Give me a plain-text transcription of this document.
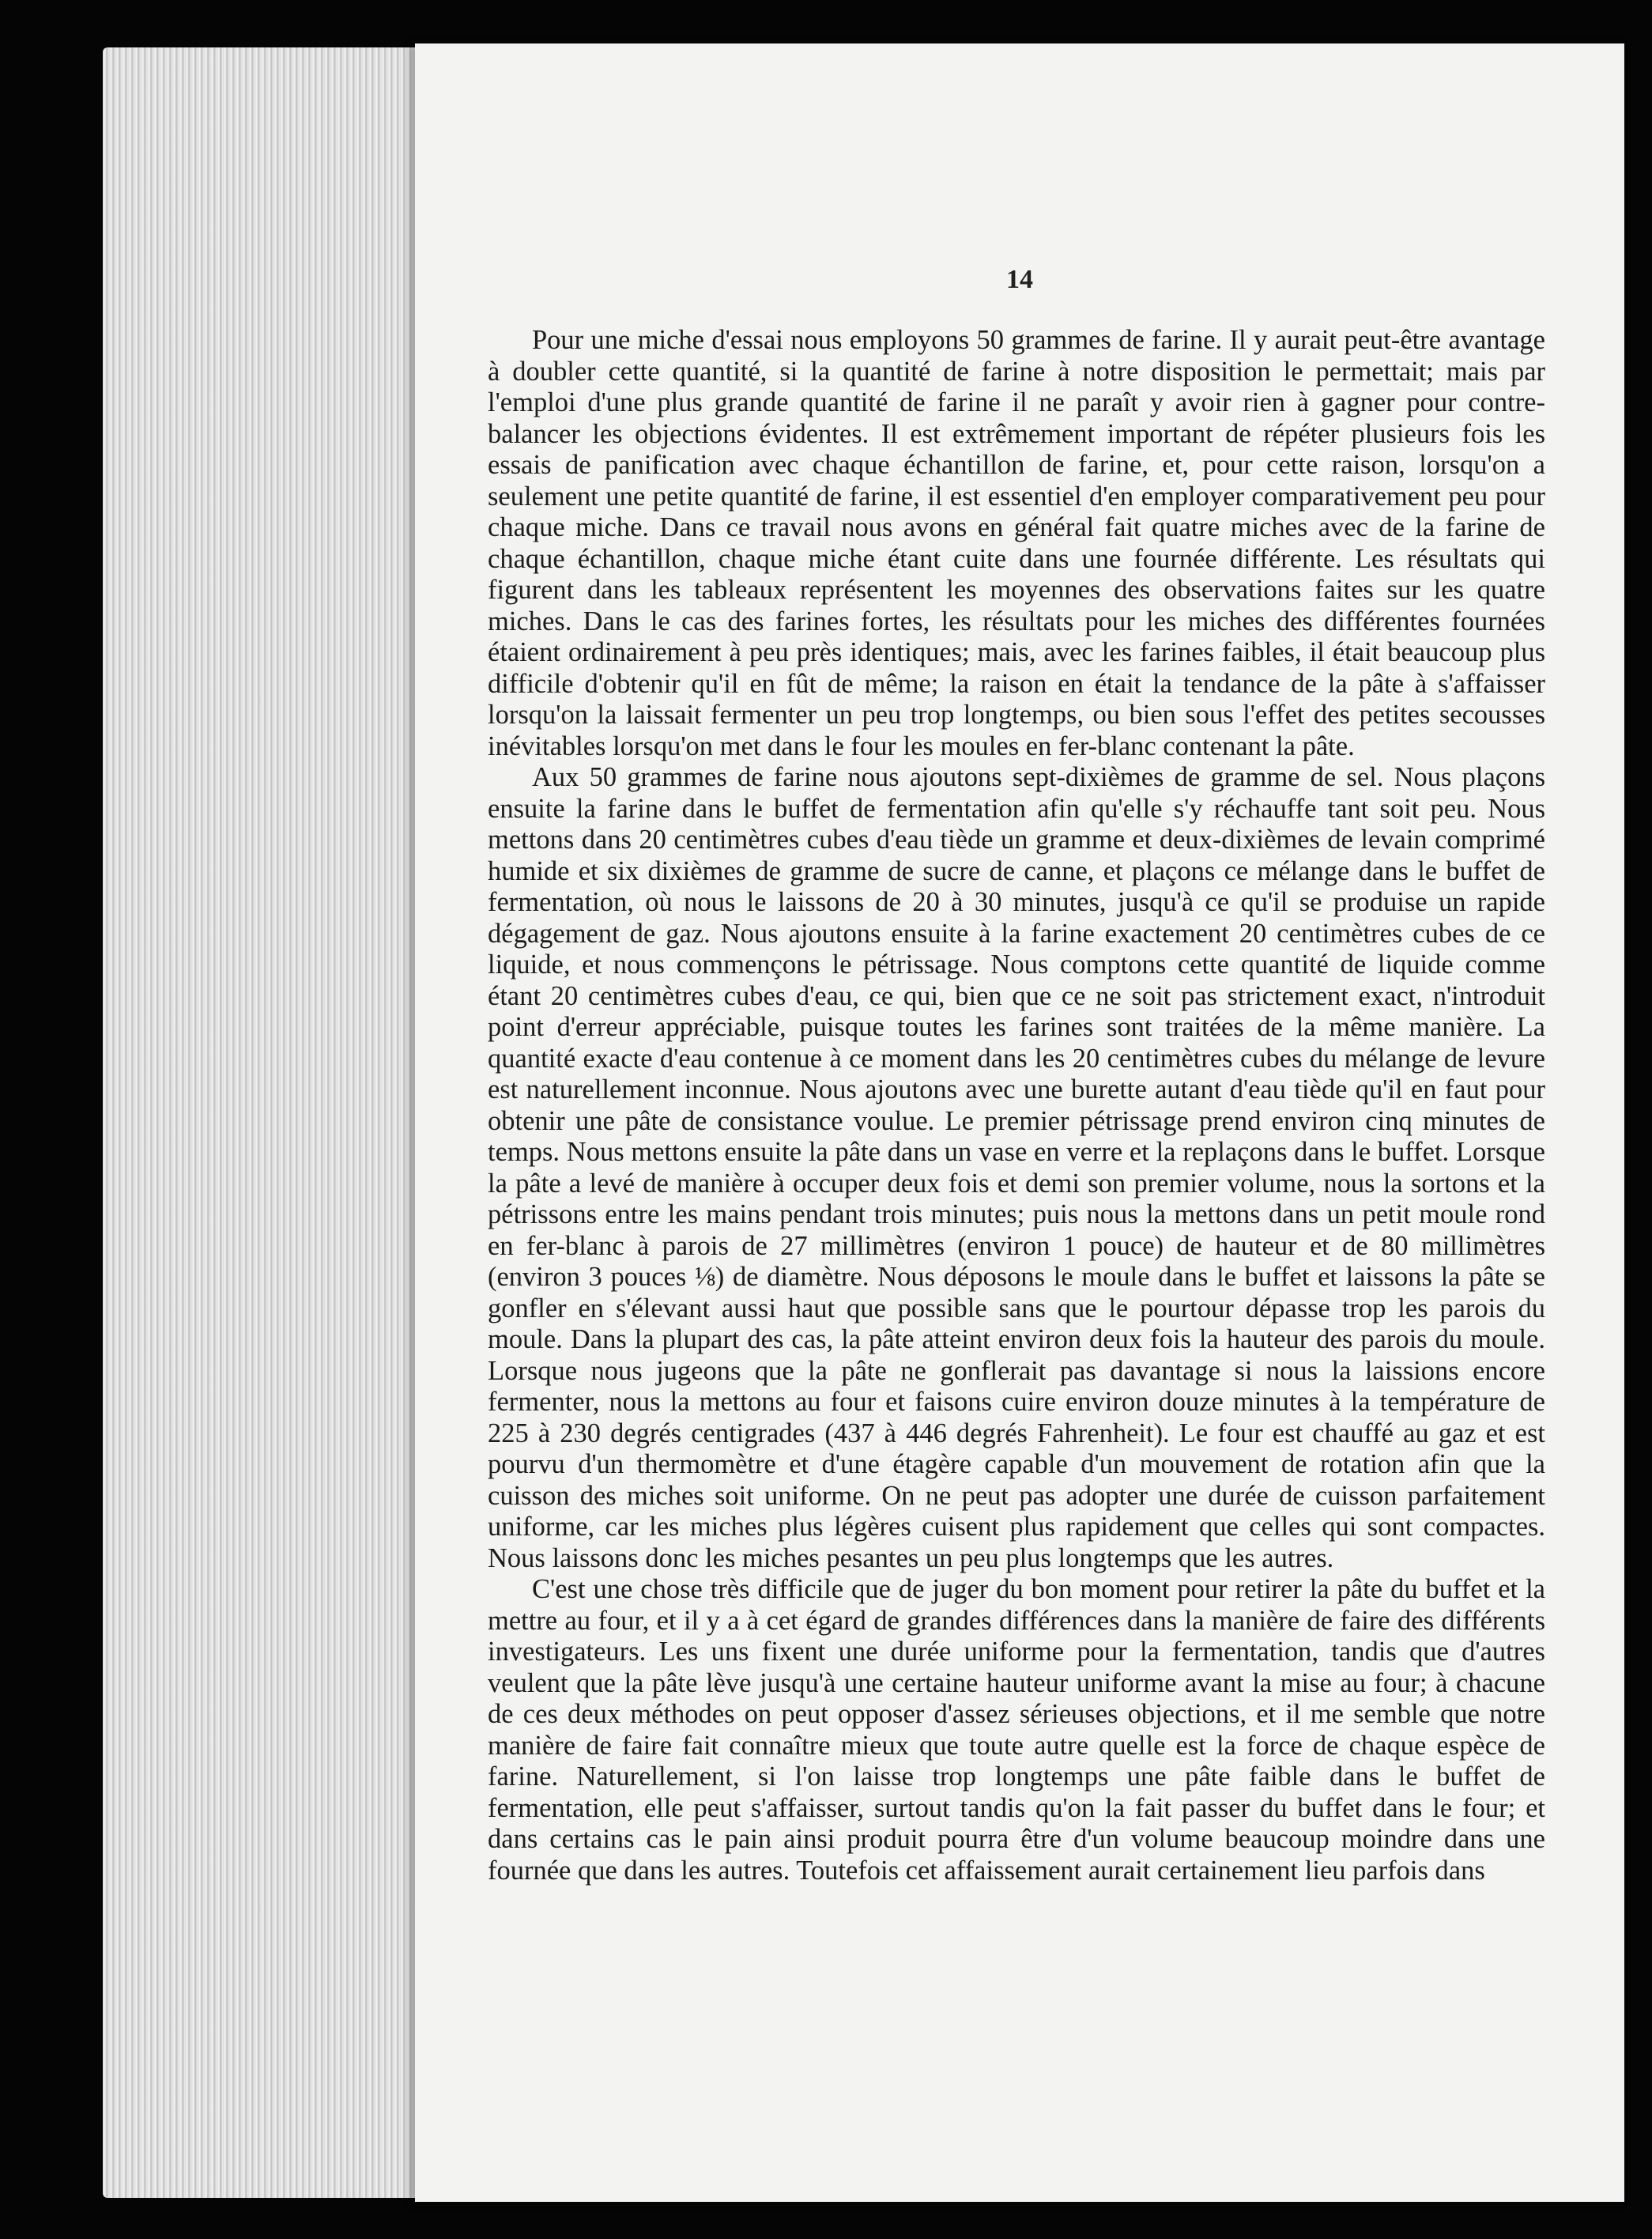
14

Pour une miche d'essai nous employons 50 grammes de farine. Il y aurait peut-être avantage à doubler cette quantité, si la quantité de farine à notre disposition le permettait; mais par l'emploi d'une plus grande quantité de farine il ne paraît y avoir rien à gagner pour contre-balancer les objections évidentes. Il est extrêmement important de répéter plusieurs fois les essais de panification avec chaque échantillon de farine, et, pour cette raison, lorsqu'on a seulement une petite quantité de farine, il est essentiel d'en employer comparativement peu pour chaque miche. Dans ce travail nous avons en général fait quatre miches avec de la farine de chaque échantillon, chaque miche étant cuite dans une fournée différente. Les résultats qui figurent dans les tableaux représentent les moyennes des observations faites sur les quatre miches. Dans le cas des farines fortes, les résultats pour les miches des différentes fournées étaient ordinairement à peu près identiques; mais, avec les farines faibles, il était beaucoup plus difficile d'obtenir qu'il en fût de même; la raison en était la tendance de la pâte à s'affaisser lorsqu'on la laissait fermenter un peu trop longtemps, ou bien sous l'effet des petites secousses inévitables lorsqu'on met dans le four les moules en fer-blanc contenant la pâte.

Aux 50 grammes de farine nous ajoutons sept-dixièmes de gramme de sel. Nous plaçons ensuite la farine dans le buffet de fermentation afin qu'elle s'y réchauffe tant soit peu. Nous mettons dans 20 centimètres cubes d'eau tiède un gramme et deux-dixièmes de levain comprimé humide et six dixièmes de gramme de sucre de canne, et plaçons ce mélange dans le buffet de fermentation, où nous le laissons de 20 à 30 minutes, jusqu'à ce qu'il se produise un rapide dégagement de gaz. Nous ajoutons ensuite à la farine exactement 20 centimètres cubes de ce liquide, et nous commençons le pétrissage. Nous comptons cette quantité de liquide comme étant 20 centimètres cubes d'eau, ce qui, bien que ce ne soit pas strictement exact, n'introduit point d'erreur appréciable, puisque toutes les farines sont traitées de la même manière. La quantité exacte d'eau contenue à ce moment dans les 20 centimètres cubes du mélange de levure est naturellement inconnue. Nous ajoutons avec une burette autant d'eau tiède qu'il en faut pour obtenir une pâte de consistance voulue. Le premier pétrissage prend environ cinq minutes de temps. Nous mettons ensuite la pâte dans un vase en verre et la replaçons dans le buffet. Lorsque la pâte a levé de manière à occuper deux fois et demi son premier volume, nous la sortons et la pétrissons entre les mains pendant trois minutes; puis nous la mettons dans un petit moule rond en fer-blanc à parois de 27 millimètres (environ 1 pouce) de hauteur et de 80 millimètres (environ 3 pouces ⅛) de diamètre. Nous déposons le moule dans le buffet et laissons la pâte se gonfler en s'élevant aussi haut que possible sans que le pourtour dépasse trop les parois du moule. Dans la plupart des cas, la pâte atteint environ deux fois la hauteur des parois du moule. Lorsque nous jugeons que la pâte ne gonflerait pas davantage si nous la laissions encore fermenter, nous la mettons au four et faisons cuire environ douze minutes à la température de 225 à 230 degrés centigrades (437 à 446 degrés Fahrenheit). Le four est chauffé au gaz et est pourvu d'un thermomètre et d'une étagère capable d'un mouvement de rotation afin que la cuisson des miches soit uniforme. On ne peut pas adopter une durée de cuisson parfaitement uniforme, car les miches plus légères cuisent plus rapidement que celles qui sont compactes. Nous laissons donc les miches pesantes un peu plus longtemps que les autres.

C'est une chose très difficile que de juger du bon moment pour retirer la pâte du buffet et la mettre au four, et il y a à cet égard de grandes différences dans la manière de faire des différents investigateurs. Les uns fixent une durée uniforme pour la fermentation, tandis que d'autres veulent que la pâte lève jusqu'à une certaine hauteur uniforme avant la mise au four; à chacune de ces deux méthodes on peut opposer d'assez sérieuses objections, et il me semble que notre manière de faire fait connaître mieux que toute autre quelle est la force de chaque espèce de farine. Naturellement, si l'on laisse trop longtemps une pâte faible dans le buffet de fermentation, elle peut s'affaisser, surtout tandis qu'on la fait passer du buffet dans le four; et dans certains cas le pain ainsi produit pourra être d'un volume beaucoup moindre dans une fournée que dans les autres. Toutefois cet affaissement aurait certainement lieu parfois dans
